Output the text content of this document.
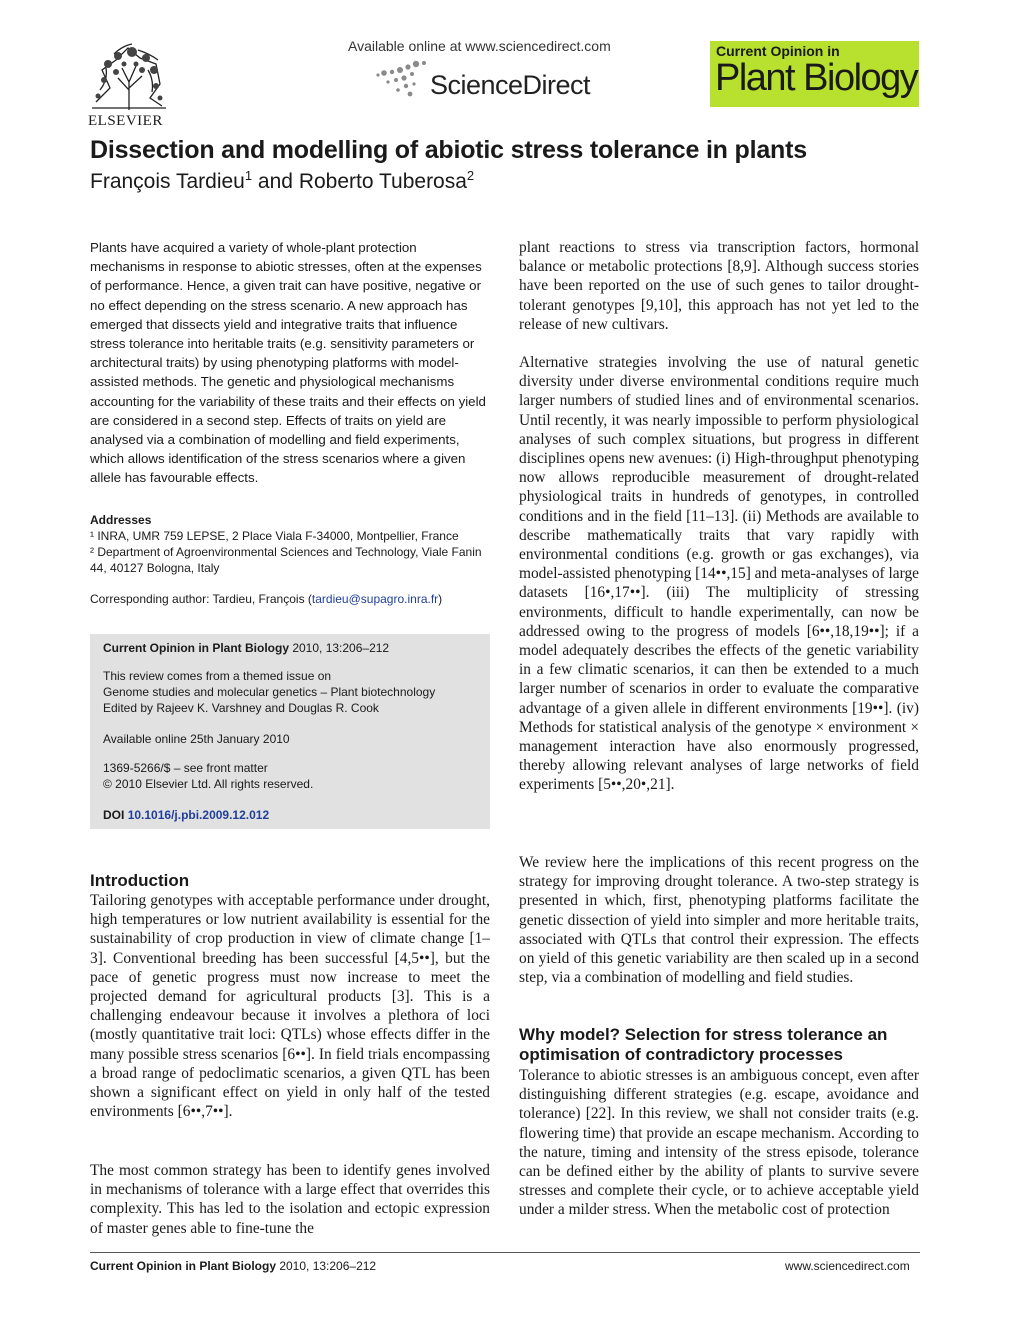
ELSEVIER
Available online at www.sciencedirect.com
ScienceDirect
Current Opinion in
Plant Biology
Dissection and modelling of abiotic stress tolerance in plants
François Tardieu$^1$ and Roberto Tuberosa$^2$
Plants have acquired a variety of whole-plant protection mechanisms in response to abiotic stresses, often at the expenses of performance. Hence, a given trait can have positive, negative or no effect depending on the stress scenario. A new approach has emerged that dissects yield and integrative traits that influence stress tolerance into heritable traits (e.g. sensitivity parameters or architectural traits) by using phenotyping platforms with model-assisted methods. The genetic and physiological mechanisms accounting for the variability of these traits and their effects on yield are considered in a second step. Effects of traits on yield are analysed via a combination of modelling and field experiments, which allows identification of the stress scenarios where a given allele has favourable effects.
Addresses
¹ INRA, UMR 759 LEPSE, 2 Place Viala F-34000, Montpellier, France
² Department of Agroenvironmental Sciences and Technology, Viale Fanin 44, 40127 Bologna, Italy
Corresponding author: Tardieu, François (tardieu@supagro.inra.fr)
Current Opinion in Plant Biology 2010, 13:206–212
This review comes from a themed issue on
Genome studies and molecular genetics – Plant biotechnology
Edited by Rajeev K. Varshney and Douglas R. Cook
Available online 25th January 2010
1369-5266/$ – see front matter
© 2010 Elsevier Ltd. All rights reserved.
DOI 10.1016/j.pbi.2009.12.012
Introduction
Tailoring genotypes with acceptable performance under drought, high temperatures or low nutrient availability is essential for the sustainability of crop production in view of climate change [1–3]. Conventional breeding has been successful [4,5••], but the pace of genetic progress must now increase to meet the projected demand for agricultural products [3]. This is a challenging endeavour because it involves a plethora of loci (mostly quantitative trait loci: QTLs) whose effects differ in the many possible stress scenarios [6••]. In field trials encompassing a broad range of pedoclimatic scenarios, a given QTL has been shown a significant effect on yield in only half of the tested environments [6••,7••].
The most common strategy has been to identify genes involved in mechanisms of tolerance with a large effect that overrides this complexity. This has led to the isolation and ectopic expression of master genes able to fine-tune the
plant reactions to stress via transcription factors, hormonal balance or metabolic protections [8,9]. Although success stories have been reported on the use of such genes to tailor drought-tolerant genotypes [9,10], this approach has not yet led to the release of new cultivars.
Alternative strategies involving the use of natural genetic diversity under diverse environmental conditions require much larger numbers of studied lines and of environmental scenarios. Until recently, it was nearly impossible to perform physiological analyses of such complex situations, but progress in different disciplines opens new avenues: (i) High-throughput phenotyping now allows reproducible measurement of drought-related physiological traits in hundreds of genotypes, in controlled conditions and in the field [11–13]. (ii) Methods are available to describe mathematically traits that vary rapidly with environmental conditions (e.g. growth or gas exchanges), via model-assisted phenotyping [14••,15] and meta-analyses of large datasets [16•,17••]. (iii) The multiplicity of stressing environments, difficult to handle experimentally, can now be addressed owing to the progress of models [6••,18,19••]; if a model adequately describes the effects of the genetic variability in a few climatic scenarios, it can then be extended to a much larger number of scenarios in order to evaluate the comparative advantage of a given allele in different environments [19••]. (iv) Methods for statistical analysis of the genotype × environment × management interaction have also enormously progressed, thereby allowing relevant analyses of large networks of field experiments [5••,20•,21].
We review here the implications of this recent progress on the strategy for improving drought tolerance. A two-step strategy is presented in which, first, phenotyping platforms facilitate the genetic dissection of yield into simpler and more heritable traits, associated with QTLs that control their expression. The effects on yield of this genetic variability are then scaled up in a second step, via a combination of modelling and field studies.
Why model? Selection for stress tolerance an optimisation of contradictory processes
Tolerance to abiotic stresses is an ambiguous concept, even after distinguishing different strategies (e.g. escape, avoidance and tolerance) [22]. In this review, we shall not consider traits (e.g. flowering time) that provide an escape mechanism. According to the nature, timing and intensity of the stress episode, tolerance can be defined either by the ability of plants to survive severe stresses and complete their cycle, or to achieve acceptable yield under a milder stress. When the metabolic cost of protection
Current Opinion in Plant Biology 2010, 13:206–212	www.sciencedirect.com
